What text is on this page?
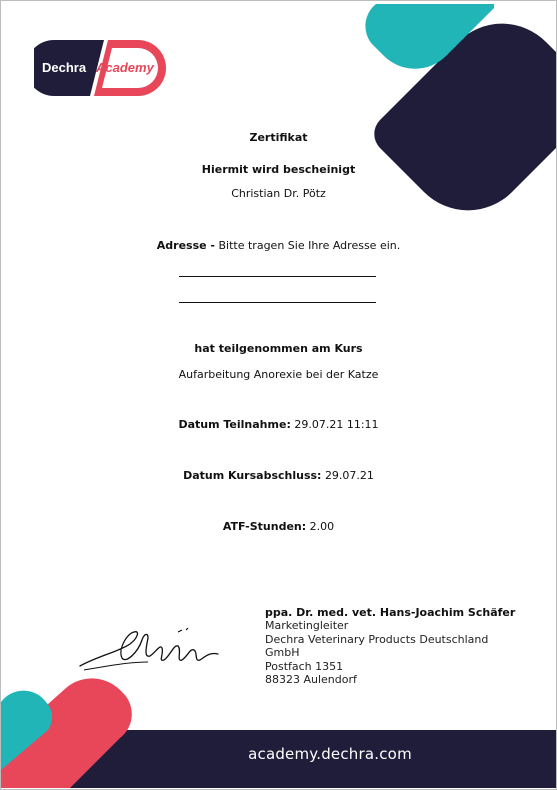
Dechra Academy
Zertifikat
Hiermit wird bescheinigt
Christian Dr. Pötz
Adresse - Bitte tragen Sie Ihre Adresse ein.
hat teilgenommen am Kurs
Aufarbeitung Anorexie bei der Katze
Datum Teilnahme: 29.07.21 11:11
Datum Kursabschluss: 29.07.21
ATF-Stunden: 2.00
ppa. Dr. med. vet. Hans-Joachim Schäfer
Marketingleiter
Dechra Veterinary Products Deutschland
GmbH
Postfach 1351
88323 Aulendorf
academy.dechra.com
